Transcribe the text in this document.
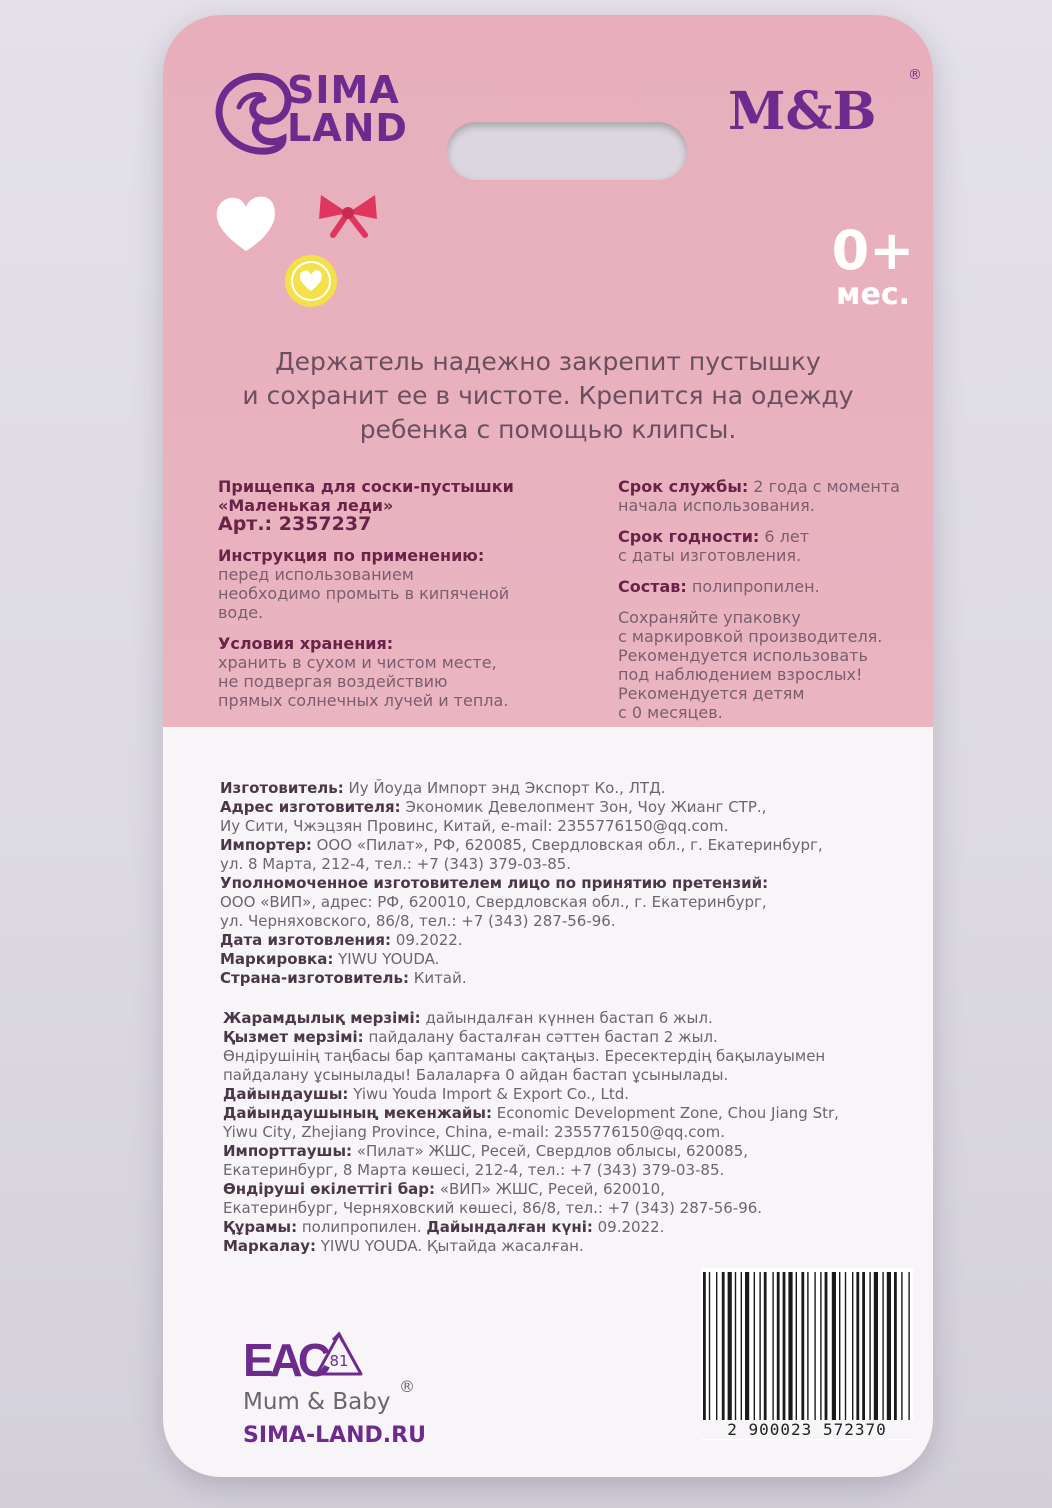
SIMA
LAND	M&B
®
0+
мес.
Держатель надежно закрепит пустышку
и сохранит ее в чистоте. Крепится на одежду
ребенка с помощью клипсы.

Прищепка для соски-пустышки
«Маленькая леди»
Арт.: 2357237

Инструкция по применению:
перед использованием
необходимо промыть в кипяченой
воде.

Условия хранения:
хранить в сухом и чистом месте,
не подвергая воздействию
прямых солнечных лучей и тепла.

Срок службы: 2 года с момента
начала использования.

Срок годности: 6 лет
с даты изготовления.

Состав: полипропилен.

Сохраняйте упаковку
с маркировкой производителя.
Рекомендуется использовать
под наблюдением взрослых!
Рекомендуется детям
с 0 месяцев.

Изготовитель: Иу Йоуда Импорт энд Экспорт Ко., ЛТД.
Адрес изготовителя: Экономик Девелопмент Зон, Чоу Жианг СТР.,
Иу Сити, Чжэцзян Провинс, Китай, e-mail: 2355776150@qq.com.
Импортер: ООО «Пилат», РФ, 620085, Свердловская обл., г. Екатеринбург,
ул. 8 Марта, 212-4, тел.: +7 (343) 379-03-85.
Уполномоченное изготовителем лицо по принятию претензий:
ООО «ВИП», адрес: РФ, 620010, Свердловская обл., г. Екатеринбург,
ул. Черняховского, 86/8, тел.: +7 (343) 287-56-96.
Дата изготовления: 09.2022.
Маркировка: YIWU YOUDA.
Страна-изготовитель: Китай.
Жарамдылық мерзімі: дайындалған күннен бастап 6 жыл.
Қызмет мерзімі: пайдалану басталған сәттен бастап 2 жыл.
Өндірушінің таңбасы бар қаптаманы сақтаңыз. Ересектердің бақылауымен
пайдалану ұсынылады! Балаларға 0 айдан бастап ұсынылады.
Дайындаушы: Yiwu Youda Import & Export Co., Ltd.
Дайындаушының мекенжайы: Economic Development Zone, Chou Jiang Str,
Yiwu City, Zhejiang Province, China, e-mail: 2355776150@qq.com.
Импорттаушы: «Пилат» ЖШС, Ресей, Свердлов облысы, 620085,
Екатеринбург, 8 Марта көшесі, 212-4, тел.: +7 (343) 379-03-85.
Өндіруші өкілеттігі бар: «ВИП» ЖШС, Ресей, 620010,
Екатеринбург, Черняховский көшесі, 86/8, тел.: +7 (343) 287-56-96.
Құрамы: полипропилен. Дайындалған күні: 09.2022.
Маркалау: YIWU YOUDA. Қытайда жасалған.
ЕАС 81
Mum & Baby
®
SIMA-LAND.RU	2 900023 572370
